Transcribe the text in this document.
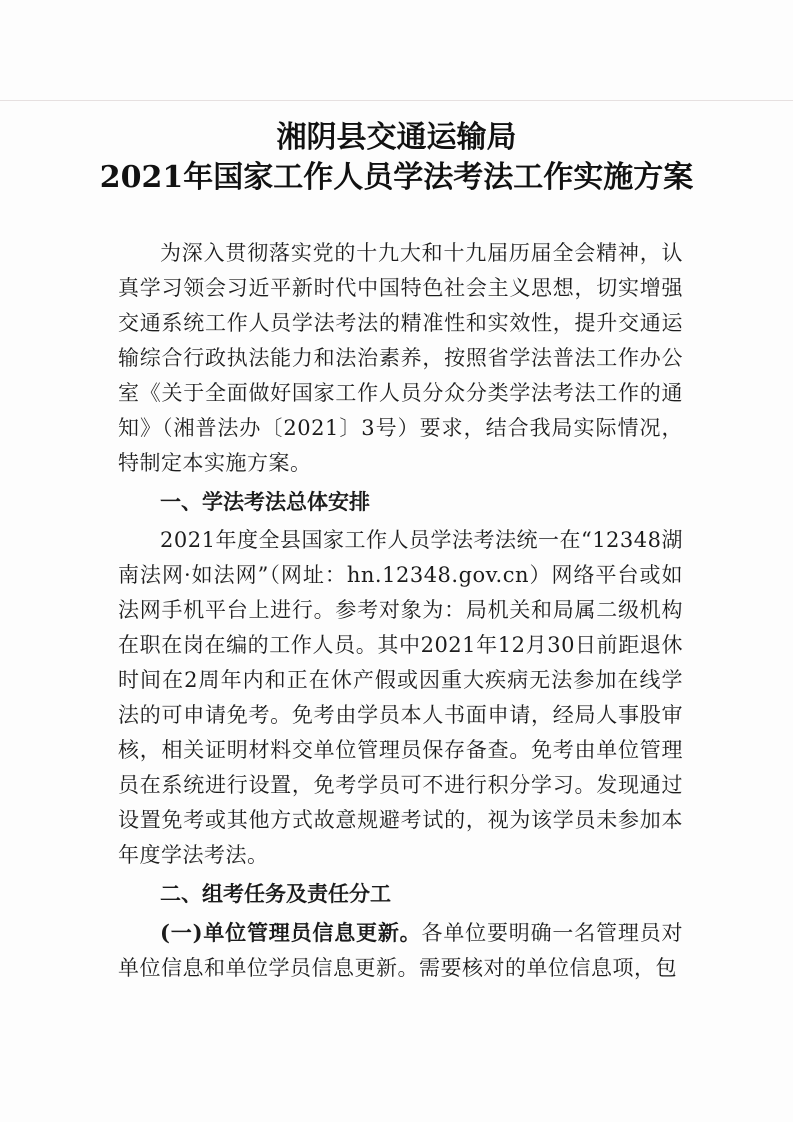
湘阴县交通运输局
2021年国家工作人员学法考法工作实施方案

为深入贯彻落实党的十九大和十九届历届全会精神，认真学习领会习近平新时代中国特色社会主义思想，切实增强交通系统工作人员学法考法的精准性和实效性，提升交通运输综合行政执法能力和法治素养，按照省学法普法工作办公室《关于全面做好国家工作人员分众分类学法考法工作的通知》（湘普法办〔2021〕3号）要求，结合我局实际情况，特制定本实施方案。

一、学法考法总体安排

2021年度全县国家工作人员学法考法统一在“12348湖南法网·如法网”（网址：hn.12348.gov.cn）网络平台或如法网手机平台上进行。参考对象为：局机关和局属二级机构在职在岗在编的工作人员。其中2021年12月30日前距退休时间在2周年内和正在休产假或因重大疾病无法参加在线学法的可申请免考。免考由学员本人书面申请，经局人事股审核，相关证明材料交单位管理员保存备查。免考由单位管理员在系统进行设置，免考学员可不进行积分学习。发现通过设置免考或其他方式故意规避考试的，视为该学员未参加本年度学法考法。

二、组考任务及责任分工

(一)单位管理员信息更新。各单位要明确一名管理员对单位信息和单位学员信息更新。需要核对的单位信息项，包
